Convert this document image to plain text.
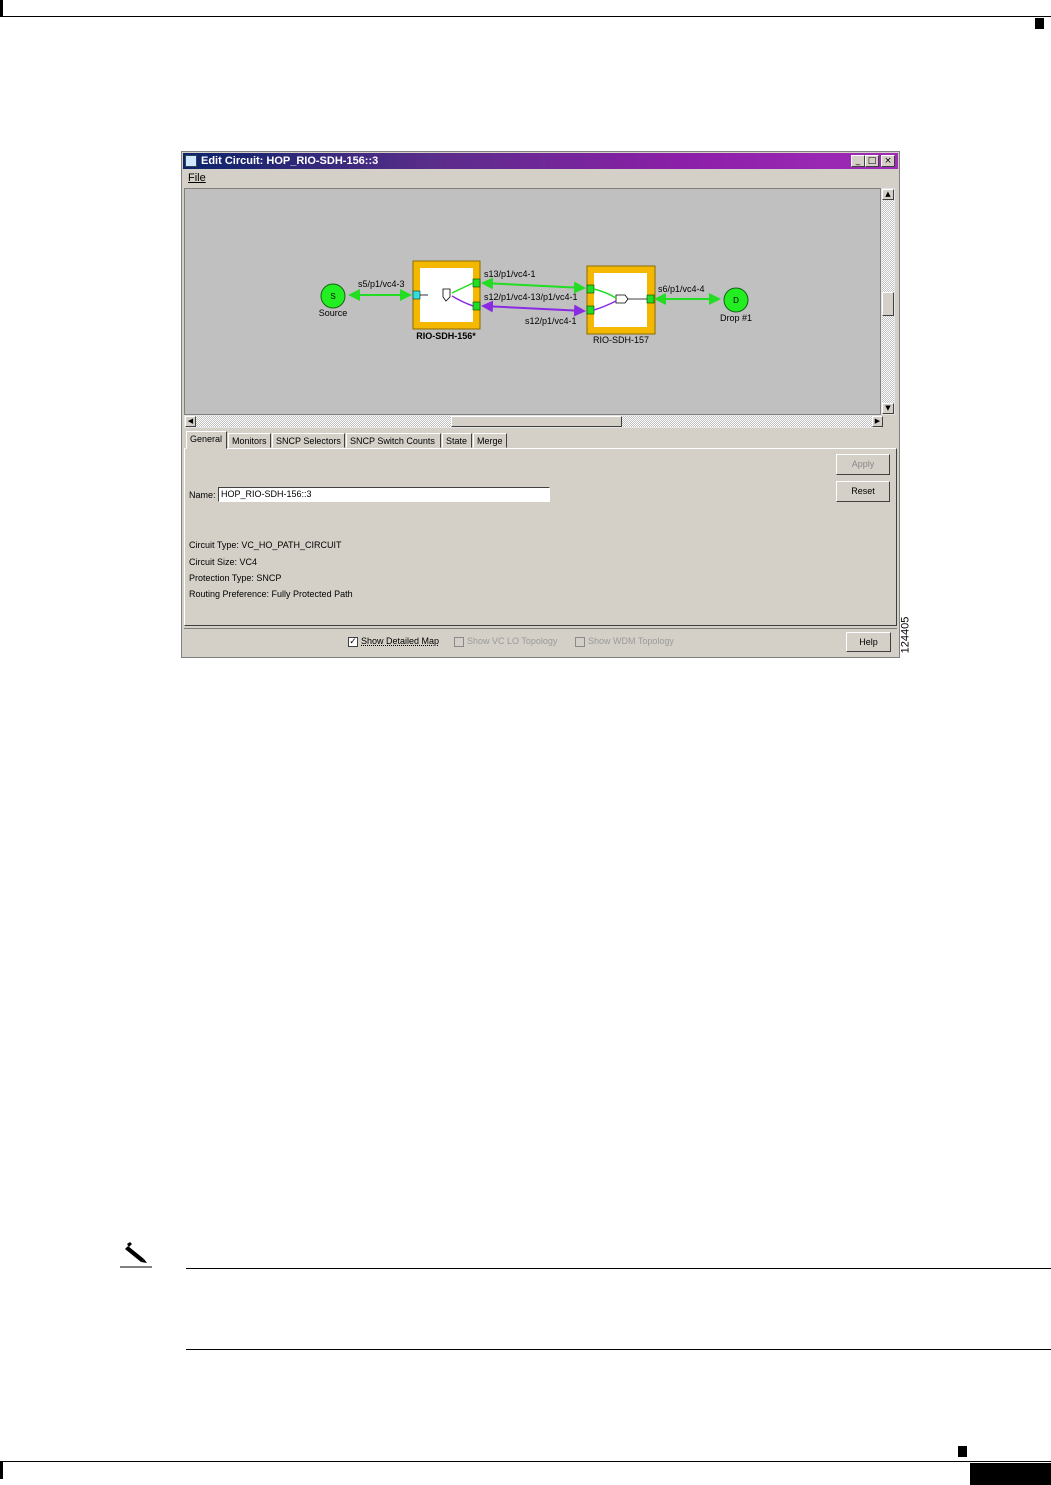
Edit Circuit: HOP_RIO-SDH-156::3	_ □ ×
File
S
Source
s5/p1/vc4-3
RIO-SDH-156*
s13/p1/vc4-1
s12/p1/vc4-13/p1/vc4-1
s12/p1/vc4-1
RIO-SDH-157
s6/p1/vc4-4
D
Drop #1
▲
▼
◀	▶
General	Monitors	SNCP Selectors	SNCP Switch Counts	State	Merge
Name: HOP_RIO-SDH-156::3
Apply
Reset
Circuit Type: VC_HO_PATH_CIRCUIT
Circuit Size: VC4
Protection Type: SNCP
Routing Preference: Fully Protected Path
✓ Show Detailed Map	Show VC LO Topology	Show WDM Topology	Help	124405
